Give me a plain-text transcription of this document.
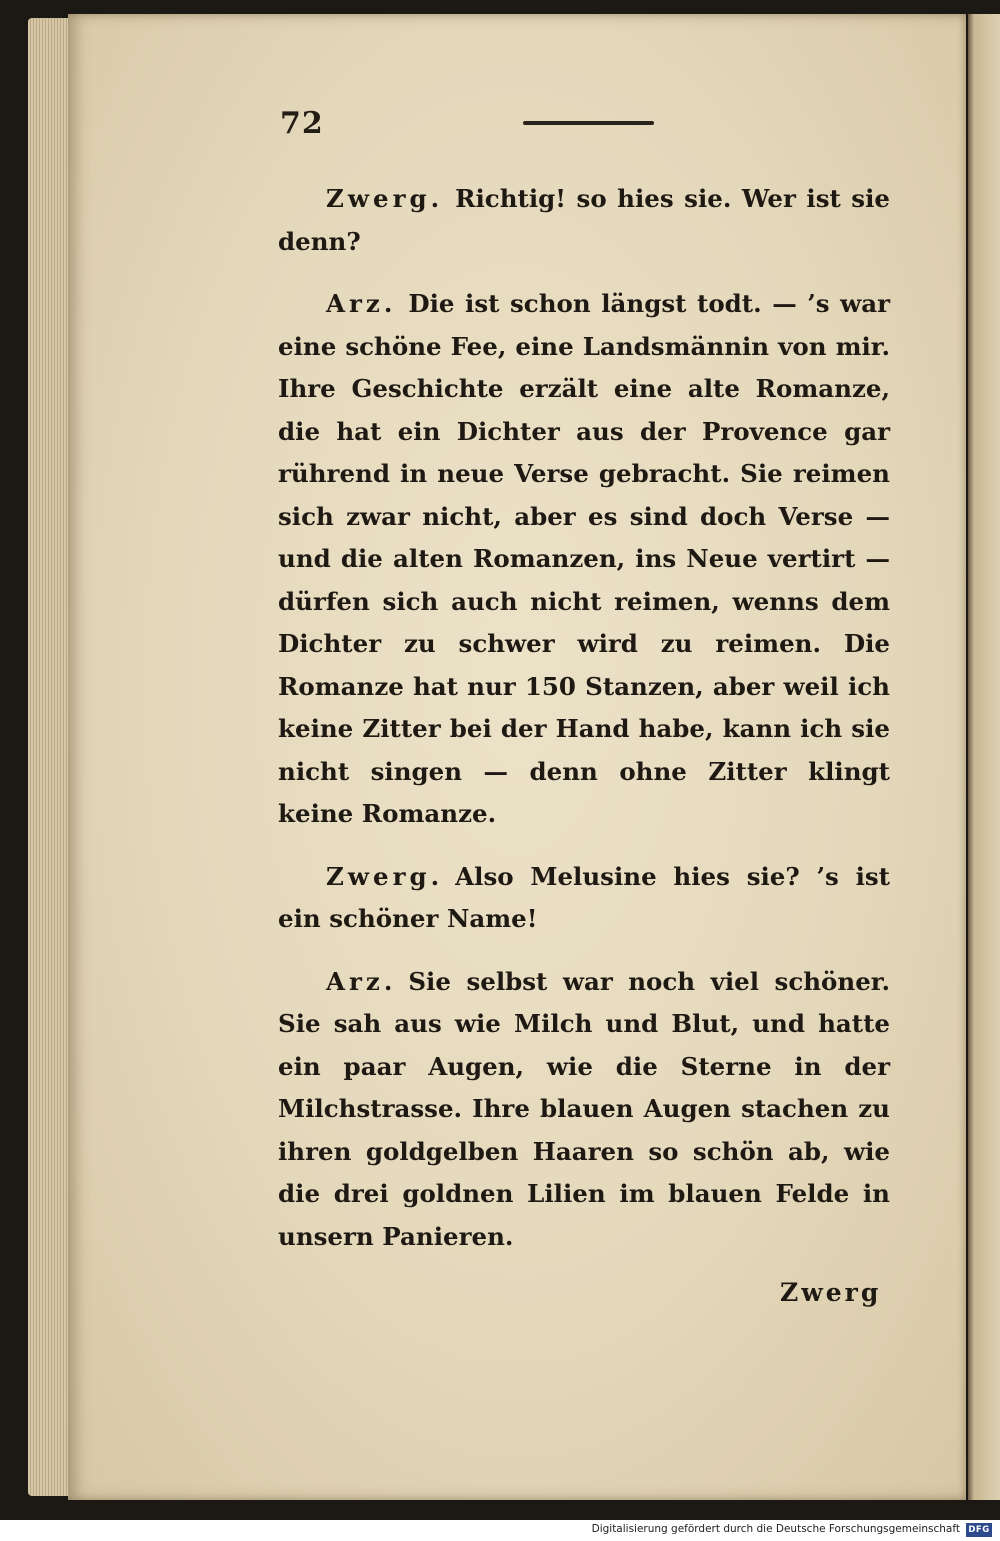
72

Zwerg. Richtig! so hies sie. Wer ist sie denn?

Arz. Die ist schon längst todt. — ’s war eine schöne Fee, eine Landsmännin von mir. Ihre Geschichte erzält eine alte Romanze, die hat ein Dichter aus der Provence gar rührend in neue Verse gebracht. Sie reimen sich zwar nicht, aber es sind doch Verse — und die alten Romanzen, ins Neue vertirt — dürfen sich auch nicht reimen, wenns dem Dichter zu schwer wird zu reimen. Die Romanze hat nur 150 Stanzen, aber weil ich keine Zitter bei der Hand habe, kann ich sie nicht singen — denn ohne Zitter klingt keine Romanze.

Zwerg. Also Melusine hies sie? ’s ist ein schöner Name!

Arz. Sie selbst war noch viel schöner. Sie sah aus wie Milch und Blut, und hatte ein paar Augen, wie die Sterne in der Milchstrasse. Ihre blauen Augen stachen zu ihren goldgelben Haaren so schön ab, wie die drei goldnen Lilien im blauen Felde in unsern Panieren.

Zwerg
Digitalisierung gefördert durch die Deutsche Forschungsgemeinschaft DFG
